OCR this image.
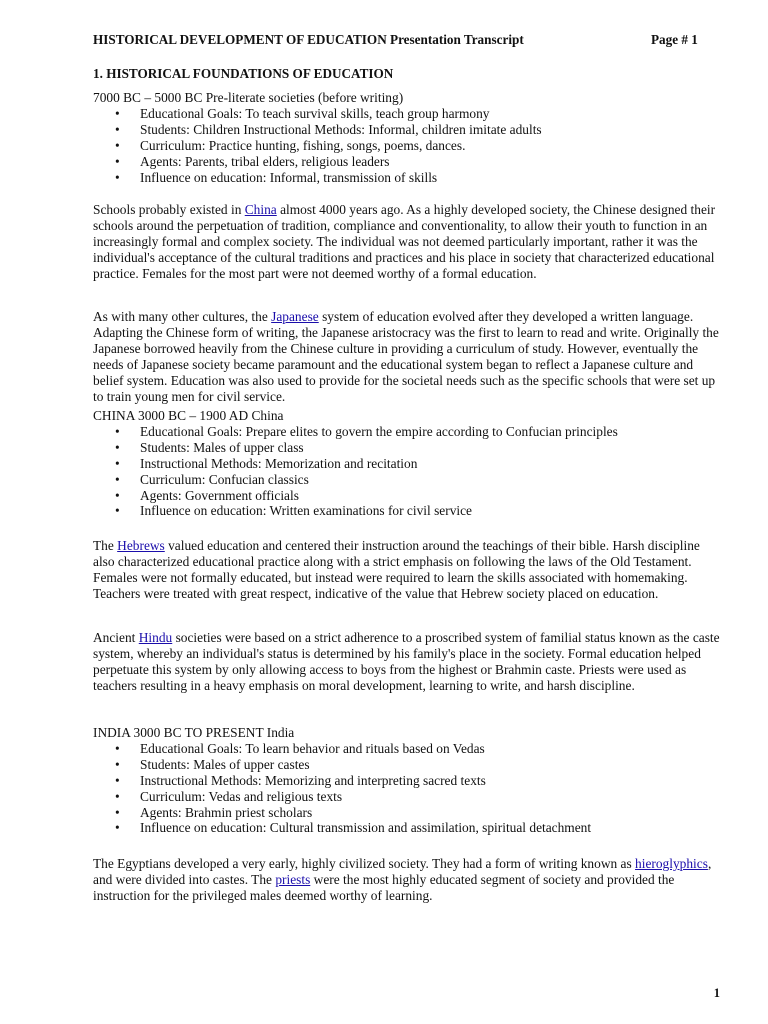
HISTORICAL DEVELOPMENT OF EDUCATION Presentation Transcript	Page # 1
1. HISTORICAL FOUNDATIONS OF EDUCATION

7000 BC – 5000 BC Pre-literate societies (before writing)

• Educational Goals: To teach survival skills, teach group harmony
• Students: Children Instructional Methods: Informal, children imitate adults
• Curriculum: Practice hunting, fishing, songs, poems, dances.
• Agents: Parents, tribal elders, religious leaders
• Influence on education: Informal, transmission of skills

Schools probably existed in China almost 4000 years ago. As a highly developed society, the Chinese designed their schools around the perpetuation of tradition, compliance and conventionality, to allow their youth to function in an increasingly formal and complex society. The individual was not deemed particularly important, rather it was the individual's acceptance of the cultural traditions and practices and his place in society that characterized educational practice. Females for the most part were not deemed worthy of a formal education.

As with many other cultures, the Japanese system of education evolved after they developed a written language. Adapting the Chinese form of writing, the Japanese aristocracy was the first to learn to read and write. Originally the Japanese borrowed heavily from the Chinese culture in providing a curriculum of study. However, eventually the needs of Japanese society became paramount and the educational system began to reflect a Japanese culture and belief system. Education was also used to provide for the societal needs such as the specific schools that were set up to train young men for civil service.

CHINA 3000 BC – 1900 AD China

• Educational Goals: Prepare elites to govern the empire according to Confucian principles
• Students: Males of upper class
• Instructional Methods: Memorization and recitation
• Curriculum: Confucian classics
• Agents: Government officials
• Influence on education: Written examinations for civil service

The Hebrews valued education and centered their instruction around the teachings of their bible. Harsh discipline also characterized educational practice along with a strict emphasis on following the laws of the Old Testament. Females were not formally educated, but instead were required to learn the skills associated with homemaking. Teachers were treated with great respect, indicative of the value that Hebrew society placed on education.

Ancient Hindu societies were based on a strict adherence to a proscribed system of familial status known as the caste system, whereby an individual's status is determined by his family's place in the society. Formal education helped perpetuate this system by only allowing access to boys from the highest or Brahmin caste. Priests were used as teachers resulting in a heavy emphasis on moral development, learning to write, and harsh discipline.

INDIA 3000 BC TO PRESENT India

• Educational Goals: To learn behavior and rituals based on Vedas
• Students: Males of upper castes
• Instructional Methods: Memorizing and interpreting sacred texts
• Curriculum: Vedas and religious texts
• Agents: Brahmin priest scholars
• Influence on education: Cultural transmission and assimilation, spiritual detachment

The Egyptians developed a very early, highly civilized society. They had a form of writing known as hieroglyphics, and were divided into castes. The priests were the most highly educated segment of society and provided the instruction for the privileged males deemed worthy of learning.

1
